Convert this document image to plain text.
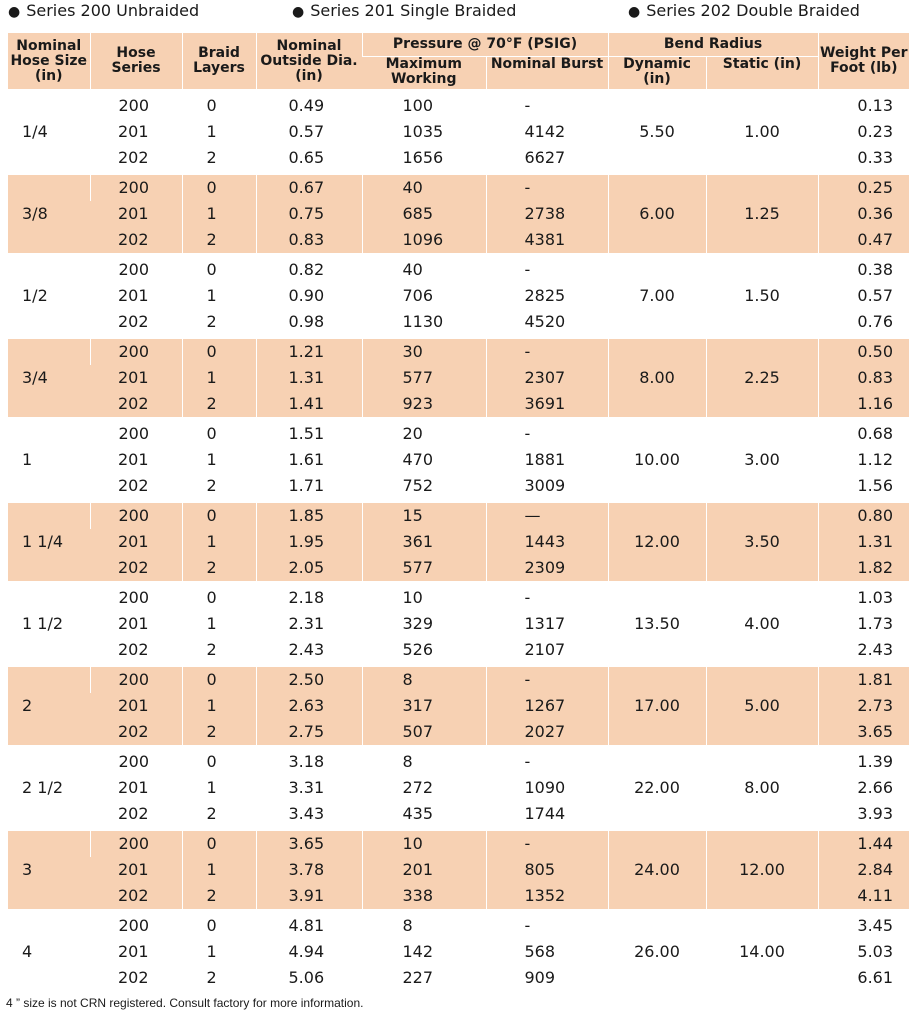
● Series 200 Unbraided	● Series 201 Single Braided	● Series 202 Double Braided
Nominal Hose Size (in)	Hose Series	Braid Layers	Nominal Outside Dia. (in)	Pressure @ 70°F (PSIG)		Bend Radius		Weight Per Foot (lb)
				Maximum Working	Nominal Burst	Dynamic (in)	Static (in)	
1/4	200	0	0.49	100	-	5.50	1.00	0.13
	201	1	0.57	1035	4142			0.23
	202	2	0.65	1656	6627			0.33
3/8	200	0	0.67	40	-	6.00	1.25	0.25
	201	1	0.75	685	2738			0.36
	202	2	0.83	1096	4381			0.47
1/2	200	0	0.82	40	-	7.00	1.50	0.38
	201	1	0.90	706	2825			0.57
	202	2	0.98	1130	4520			0.76
3/4	200	0	1.21	30	-	8.00	2.25	0.50
	201	1	1.31	577	2307			0.83
	202	2	1.41	923	3691			1.16
1	200	0	1.51	20	-	10.00	3.00	0.68
	201	1	1.61	470	1881			1.12
	202	2	1.71	752	3009			1.56
1 1/4	200	0	1.85	15	—	12.00	3.50	0.80
	201	1	1.95	361	1443			1.31
	202	2	2.05	577	2309			1.82
1 1/2	200	0	2.18	10	-	13.50	4.00	1.03
	201	1	2.31	329	1317			1.73
	202	2	2.43	526	2107			2.43
2	200	0	2.50	8	-	17.00	5.00	1.81
	201	1	2.63	317	1267			2.73
	202	2	2.75	507	2027			3.65
2 1/2	200	0	3.18	8	-	22.00	8.00	1.39
	201	1	3.31	272	1090			2.66
	202	2	3.43	435	1744			3.93
3	200	0	3.65	10	-	24.00	12.00	1.44
	201	1	3.78	201	805			2.84
	202	2	3.91	338	1352			4.11
4	200	0	4.81	8	-	26.00	14.00	3.45
	201	1	4.94	142	568			5.03
	202	2	5.06	227	909			6.61
4 ” size is not CRN registered. Consult factory for more information.
